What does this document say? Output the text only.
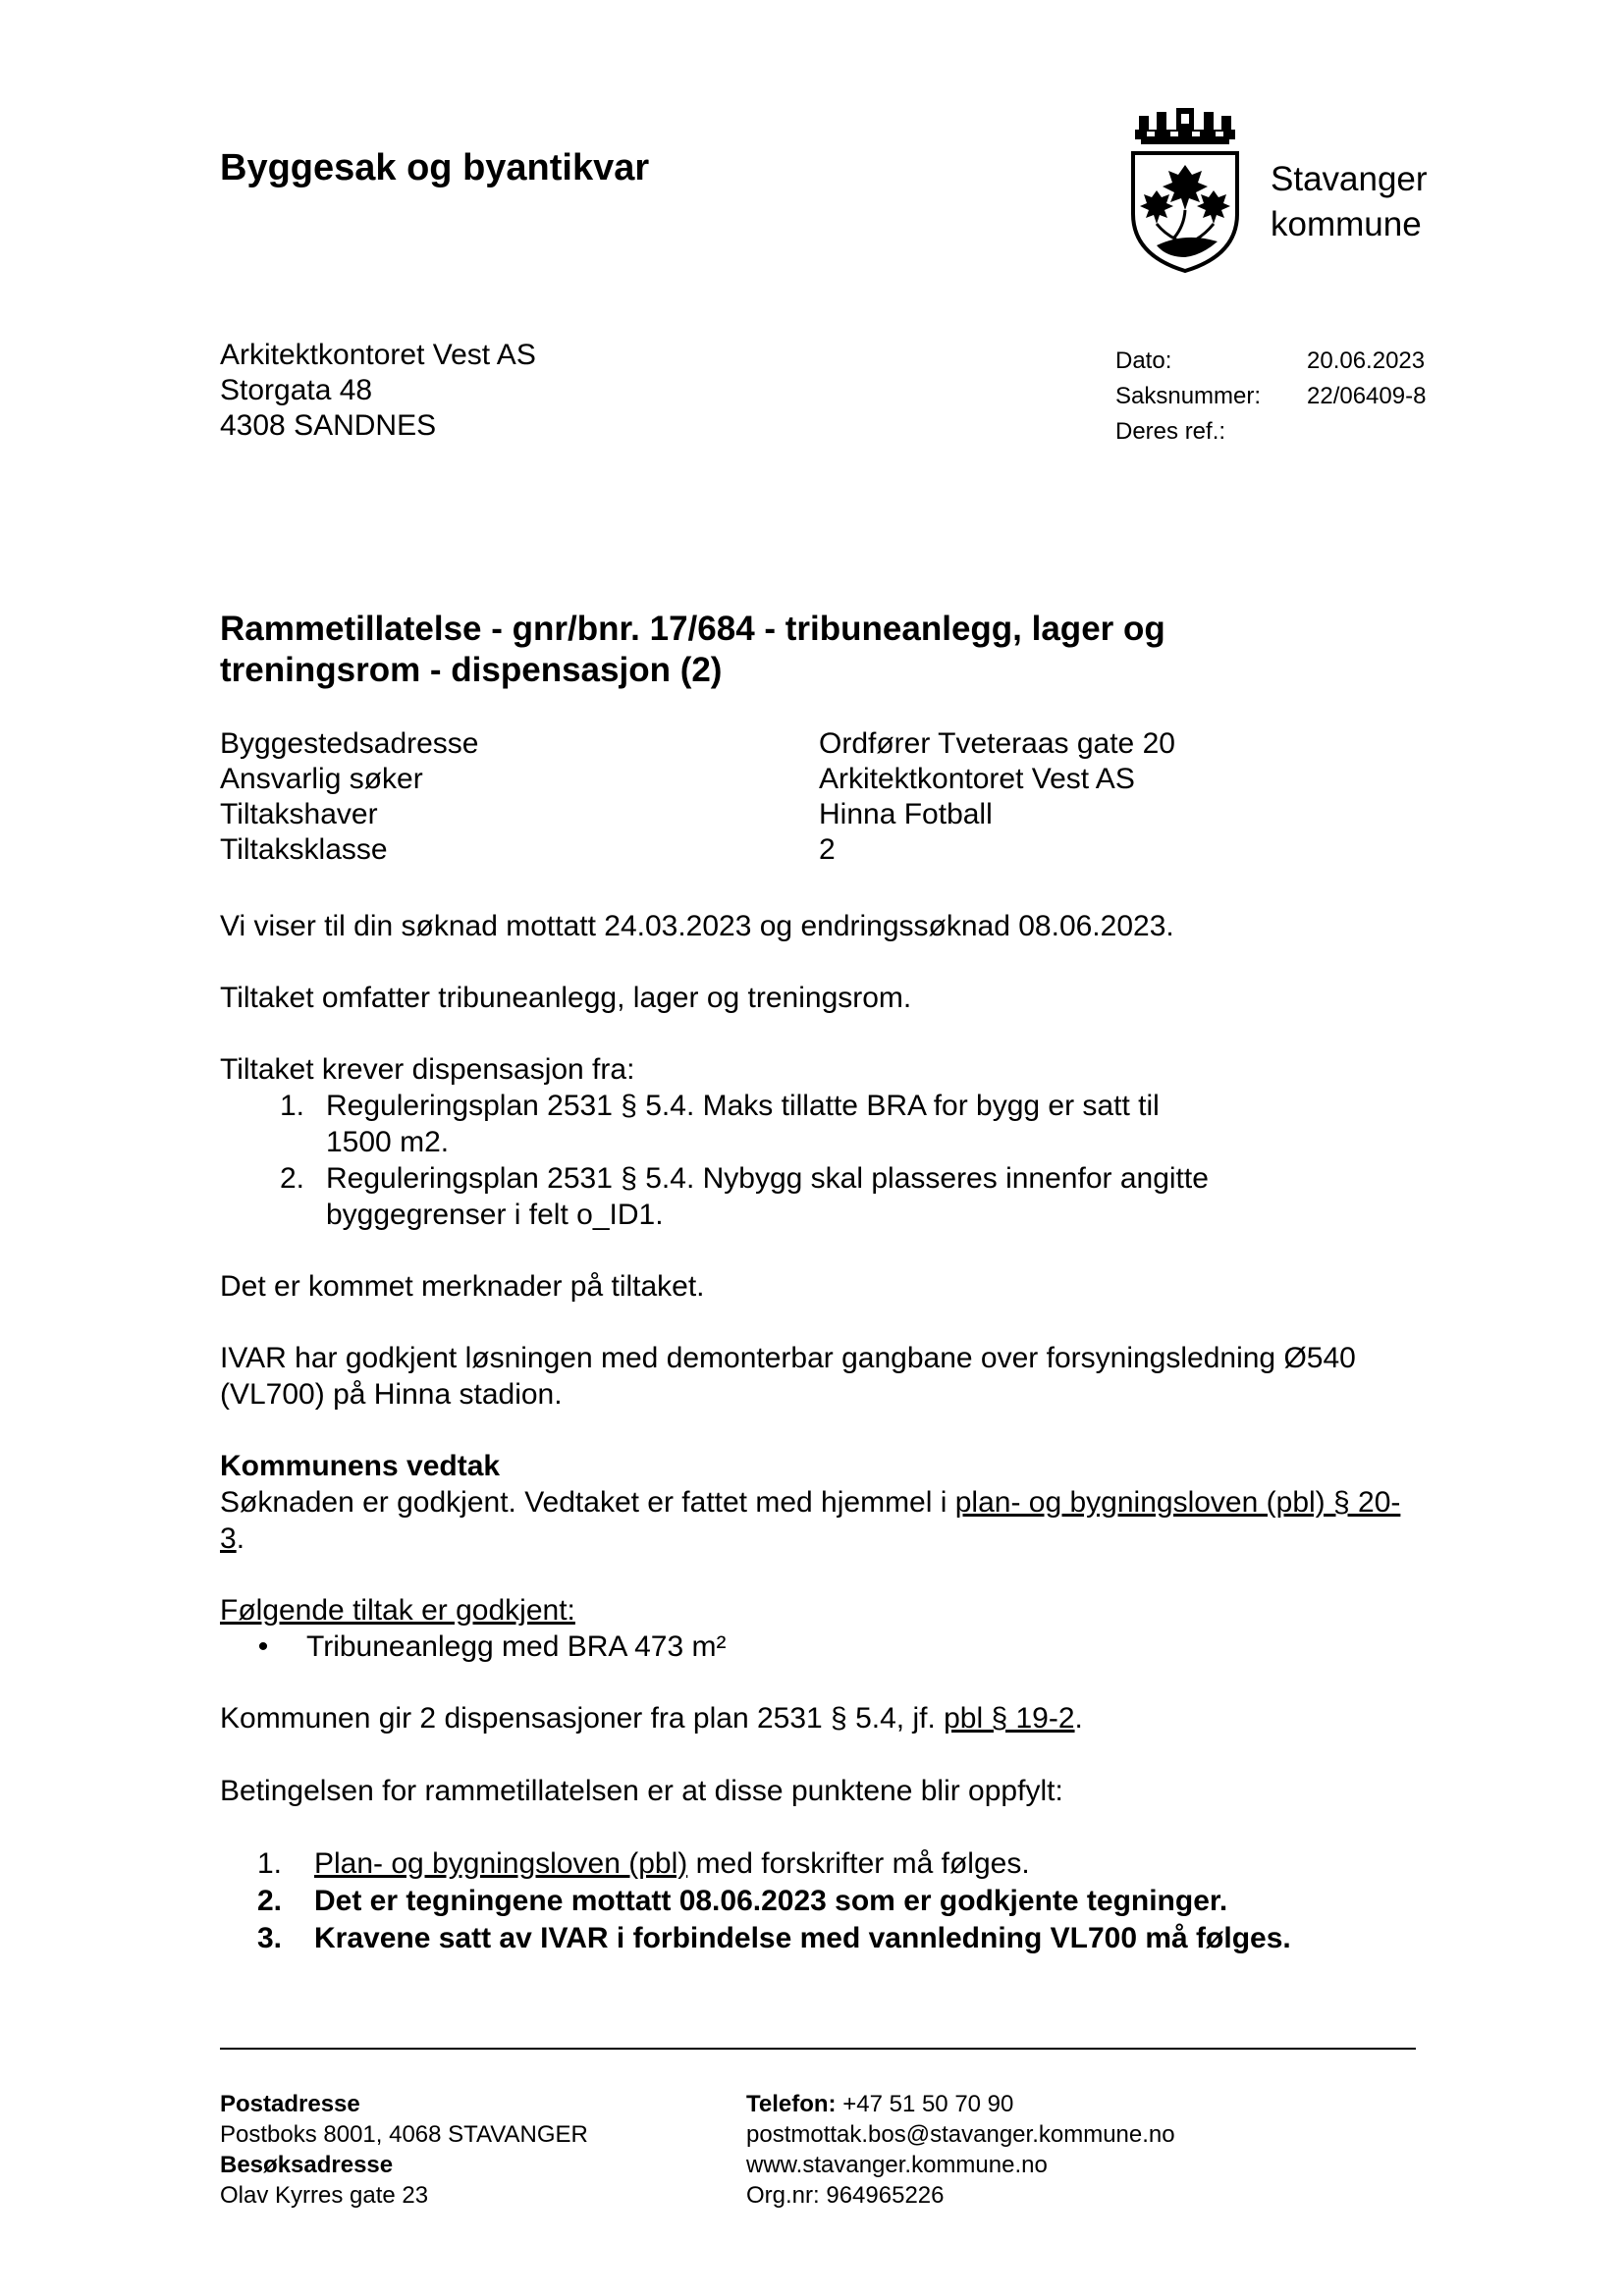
Byggesak og byantikvar	Stavanger
kommune
Arkitektkontoret Vest AS
Storgata 48
4308 SANDNES
Dato:	20.06.2023
Saksnummer:	22/06409-8
Deres ref.:
Rammetillatelse - gnr/bnr. 17/684 - tribuneanlegg, lager og
treningsrom - dispensasjon (2)
Byggestedsadresse	Ordfører Tveteraas gate 20
Ansvarlig søker	Arkitektkontoret Vest AS
Tiltakshaver	Hinna Fotball
Tiltaksklasse	2
Vi viser til din søknad mottatt 24.03.2023 og endringssøknad 08.06.2023.
Tiltaket omfatter tribuneanlegg, lager og treningsrom.
Tiltaket krever dispensasjon fra:
1. Reguleringsplan 2531 § 5.4. Maks tillatte BRA for bygg er satt til
1500 m2.
2. Reguleringsplan 2531 § 5.4. Nybygg skal plasseres innenfor angitte
byggegrenser i felt o_ID1.
Det er kommet merknader på tiltaket.
IVAR har godkjent løsningen med demonterbar gangbane over forsyningsledning Ø540
(VL700) på Hinna stadion.
Kommunens vedtak
Søknaden er godkjent. Vedtaket er fattet med hjemmel i plan- og bygningsloven (pbl) § 20-
3.
Følgende tiltak er godkjent:
•	Tribuneanlegg med BRA 473 m²
Kommunen gir 2 dispensasjoner fra plan 2531 § 5.4, jf. pbl § 19-2.
Betingelsen for rammetillatelsen er at disse punktene blir oppfylt:
1.	Plan- og bygningsloven (pbl) med forskrifter må følges.
2.	Det er tegningene mottatt 08.06.2023 som er godkjente tegninger.
3.	Kravene satt av IVAR i forbindelse med vannledning VL700 må følges.
Postadresse
Postboks 8001, 4068 STAVANGER
Besøksadresse
Olav Kyrres gate 23
Telefon: +47 51 50 70 90
postmottak.bos@stavanger.kommune.no
www.stavanger.kommune.no
Org.nr: 964965226
